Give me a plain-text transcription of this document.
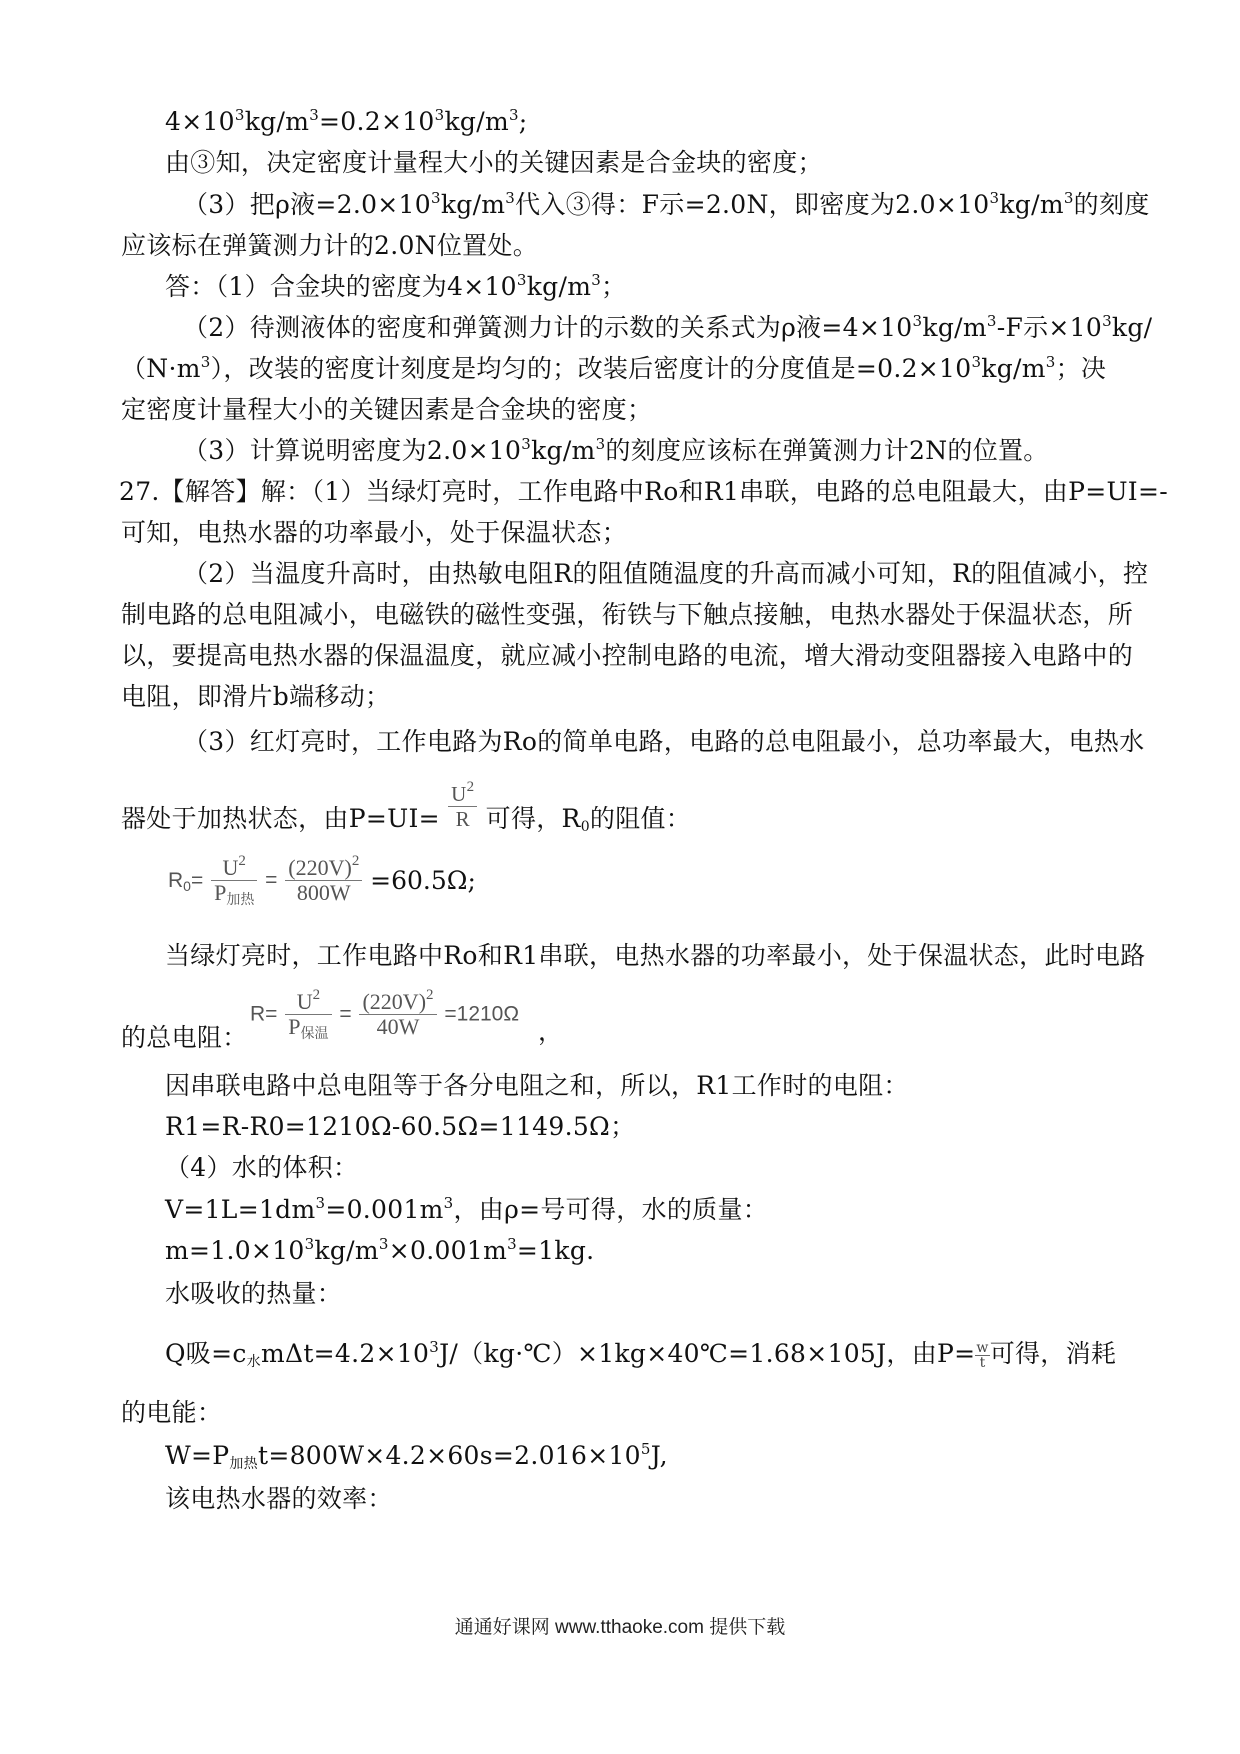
$4\times 10^3kg/m^3=0.2\times 10^3kg/m^3$;
由③知，决定密度计量程大小的关键因素是合金块的密度；
（3）把ρ液$=2.0\times 10^3kg/m^3$代入③得：F示=2.0N，即密度为$2.0\times 10^3kg/m^3$的刻度
应该标在弹簧测力计的2.0N位置处。
答：（1）合金块的密度为$4\times 10^3kg/m^3$；
（2）待测液体的密度和弹簧测力计的示数的关系式为ρ液$=4\times 10^3kg/m^3-F$示$\times 10^3kg/$
$(N\cdot m^3)$，改装的密度计刻度是均匀的；改装后密度计的分度值是$=0.2\times 10^3kg/m^3$；决
定密度计量程大小的关键因素是合金块的密度；
（3）计算说明密度为$2.0\times 10^3kg/m^3$的刻度应该标在弹簧测力计2N的位置。
27.【解答】解：（1）当绿灯亮时，工作电路中Ro和R1串联，电路的总电阻最大，由P=UI=-
可知，电热水器的功率最小，处于保温状态；
（2）当温度升高时，由热敏电阻R的阻值随温度的升高而减小可知，R的阻值减小，控
制电路的总电阻减小，电磁铁的磁性变强，衔铁与下触点接触，电热水器处于保温状态，所
以，要提高电热水器的保温温度，就应减小控制电路的电流，增大滑动变阻器接入电路中的
电阻，即滑片b端移动；
（3）红灯亮时，工作电路为Ro的简单电路，电路的总电阻最小，总功率最大，电热水
器处于加热状态，由$P=UI= \frac{U^2}{R}$ 可得，$R_0$的阻值：
$R_0= \frac{U^2}{P_{加热}} = \frac{(220V)^2}{800W} =60.5\Omega$;
当绿灯亮时，工作电路中Ro和R1串联，电热水器的功率最小，处于保温状态，此时电路
的总电阻：
$R= \frac{U^2}{P_{保温}} = \frac{(220V)^2}{40W} =1210\Omega$
，
因串联电路中总电阻等于各分电阻之和，所以，R1工作时的电阻：
R1=R-R0=1210Ω-60.5Ω=1149.5Ω；
（4）水的体积：
$V=1L=1dm^3=0.001m^3$，由ρ=号可得，水的质量：
$m=1.0\times 10^3kg/m^3\times 0.001m^3=1kg$.
水吸收的热量：
Q吸$=c_水m\Delta t=4.2\times 10^3J/(kg\cdot℃)\times 1kg\times 40℃=1.68\times 105J$，由$P= \frac{w}{t}$ 可得，消耗
的电能：
$W=P_{加热}t=800W\times 4.2\times 60s=2.016\times 10^5J$,
该电热水器的效率：
通通好课网 www.tthaoke.com 提供下载
